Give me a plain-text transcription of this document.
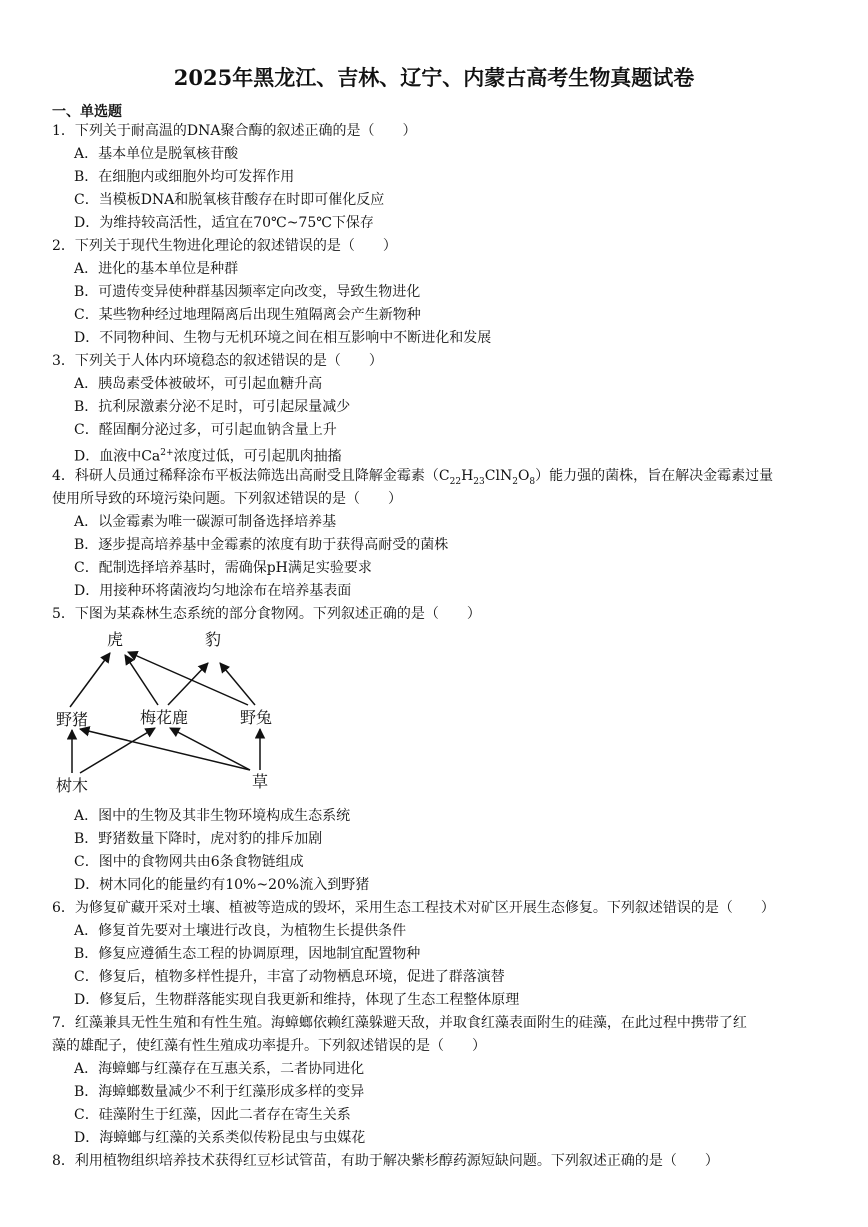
2025年黑龙江、吉林、辽宁、内蒙古高考生物真题试卷
一、单选题
1．下列关于耐高温的DNA聚合酶的叙述正确的是（　　）
A．基本单位是脱氧核苷酸
B．在细胞内或细胞外均可发挥作用
C．当模板DNA和脱氧核苷酸存在时即可催化反应
D．为维持较高活性，适宜在70℃~75℃下保存
2．下列关于现代生物进化理论的叙述错误的是（　　）
A．进化的基本单位是种群
B．可遗传变异使种群基因频率定向改变，导致生物进化
C．某些物种经过地理隔离后出现生殖隔离会产生新物种
D．不同物种间、生物与无机环境之间在相互影响中不断进化和发展
3．下列关于人体内环境稳态的叙述错误的是（　　）
A．胰岛素受体被破坏，可引起血糖升高
B．抗利尿激素分泌不足时，可引起尿量减少
C．醛固酮分泌过多，可引起血钠含量上升
D．血液中$Ca^{2+}$浓度过低，可引起肌肉抽搐
4．科研人员通过稀释涂布平板法筛选出高耐受且降解金霉素$(C_{22}H_{23}ClN_2O_8)$能力强的菌株，旨在解决金霉素过量
使用所导致的环境污染问题。下列叙述错误的是（　　）
A．以金霉素为唯一碳源可制备选择培养基
B．逐步提高培养基中金霉素的浓度有助于获得高耐受的菌株
C．配制选择培养基时，需确保pH满足实验要求
D．用接种环将菌液均匀地涂布在培养基表面
5．下图为某森林生态系统的部分食物网。下列叙述正确的是（　　）
虎	豹
野猪	梅花鹿	野兔
树木	草
A．图中的生物及其非生物环境构成生态系统
B．野猪数量下降时，虎对豹的排斥加剧
C．图中的食物网共由6条食物链组成
D．树木同化的能量约有10%~20%流入到野猪
6．为修复矿藏开采对土壤、植被等造成的毁坏，采用生态工程技术对矿区开展生态修复。下列叙述错误的是（　　）
A．修复首先要对土壤进行改良，为植物生长提供条件
B．修复应遵循生态工程的协调原理，因地制宜配置物种
C．修复后，植物多样性提升，丰富了动物栖息环境，促进了群落演替
D．修复后，生物群落能实现自我更新和维持，体现了生态工程整体原理
7．红藻兼具无性生殖和有性生殖。海蟑螂依赖红藻躲避天敌，并取食红藻表面附生的硅藻，在此过程中携带了红
藻的雄配子，使红藻有性生殖成功率提升。下列叙述错误的是（　　）
A．海蟑螂与红藻存在互惠关系，二者协同进化
B．海蟑螂数量减少不利于红藻形成多样的变异
C．硅藻附生于红藻，因此二者存在寄生关系
D．海蟑螂与红藻的关系类似传粉昆虫与虫媒花
8．利用植物组织培养技术获得红豆杉试管苗，有助于解决紫杉醇药源短缺问题。下列叙述正确的是（　　）
